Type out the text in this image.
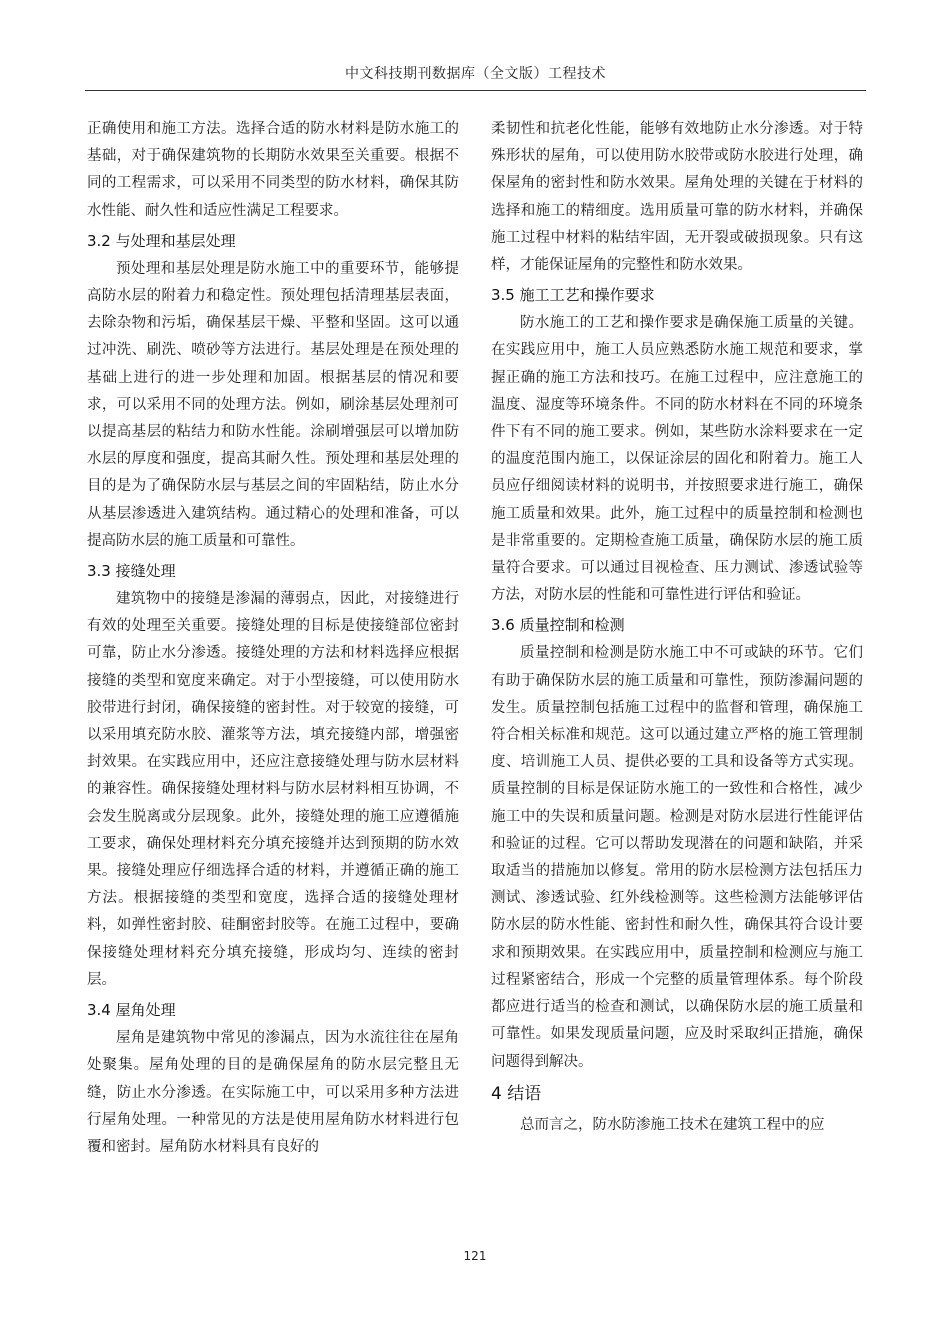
中文科技期刊数据库（全文版）工程技术

正确使用和施工方法。选择合适的防水材料是防水施工的基础，对于确保建筑物的长期防水效果至关重要。根据不同的工程需求，可以采用不同类型的防水材料，确保其防水性能、耐久性和适应性满足工程要求。

3.2 与处理和基层处理

预处理和基层处理是防水施工中的重要环节，能够提高防水层的附着力和稳定性。预处理包括清理基层表面，去除杂物和污垢，确保基层干燥、平整和坚固。这可以通过冲洗、刷洗、喷砂等方法进行。基层处理是在预处理的基础上进行的进一步处理和加固。根据基层的情况和要求，可以采用不同的处理方法。例如，刷涂基层处理剂可以提高基层的粘结力和防水性能。涂刷增强层可以增加防水层的厚度和强度，提高其耐久性。预处理和基层处理的目的是为了确保防水层与基层之间的牢固粘结，防止水分从基层渗透进入建筑结构。通过精心的处理和准备，可以提高防水层的施工质量和可靠性。

3.3 接缝处理

建筑物中的接缝是渗漏的薄弱点，因此，对接缝进行有效的处理至关重要。接缝处理的目标是使接缝部位密封可靠，防止水分渗透。接缝处理的方法和材料选择应根据接缝的类型和宽度来确定。对于小型接缝，可以使用防水胶带进行封闭，确保接缝的密封性。对于较宽的接缝，可以采用填充防水胶、灌浆等方法，填充接缝内部，增强密封效果。在实践应用中，还应注意接缝处理与防水层材料的兼容性。确保接缝处理材料与防水层材料相互协调，不会发生脱离或分层现象。此外，接缝处理的施工应遵循施工要求，确保处理材料充分填充接缝并达到预期的防水效果。接缝处理应仔细选择合适的材料，并遵循正确的施工方法。根据接缝的类型和宽度，选择合适的接缝处理材料，如弹性密封胶、硅酮密封胶等。在施工过程中，要确保接缝处理材料充分填充接缝，形成均匀、连续的密封层。

3.4 屋角处理

屋角是建筑物中常见的渗漏点，因为水流往往在屋角处聚集。屋角处理的目的是确保屋角的防水层完整且无缝，防止水分渗透。在实际施工中，可以采用多种方法进行屋角处理。一种常见的方法是使用屋角防水材料进行包覆和密封。屋角防水材料具有良好的

柔韧性和抗老化性能，能够有效地防止水分渗透。对于特殊形状的屋角，可以使用防水胶带或防水胶进行处理，确保屋角的密封性和防水效果。屋角处理的关键在于材料的选择和施工的精细度。选用质量可靠的防水材料，并确保施工过程中材料的粘结牢固，无开裂或破损现象。只有这样，才能保证屋角的完整性和防水效果。

3.5 施工工艺和操作要求

防水施工的工艺和操作要求是确保施工质量的关键。在实践应用中，施工人员应熟悉防水施工规范和要求，掌握正确的施工方法和技巧。在施工过程中，应注意施工的温度、湿度等环境条件。不同的防水材料在不同的环境条件下有不同的施工要求。例如，某些防水涂料要求在一定的温度范围内施工，以保证涂层的固化和附着力。施工人员应仔细阅读材料的说明书，并按照要求进行施工，确保施工质量和效果。此外，施工过程中的质量控制和检测也是非常重要的。定期检查施工质量，确保防水层的施工质量符合要求。可以通过目视检查、压力测试、渗透试验等方法，对防水层的性能和可靠性进行评估和验证。

3.6 质量控制和检测

质量控制和检测是防水施工中不可或缺的环节。它们有助于确保防水层的施工质量和可靠性，预防渗漏问题的发生。质量控制包括施工过程中的监督和管理，确保施工符合相关标准和规范。这可以通过建立严格的施工管理制度、培训施工人员、提供必要的工具和设备等方式实现。质量控制的目标是保证防水施工的一致性和合格性，减少施工中的失误和质量问题。检测是对防水层进行性能评估和验证的过程。它可以帮助发现潜在的问题和缺陷，并采取适当的措施加以修复。常用的防水层检测方法包括压力测试、渗透试验、红外线检测等。这些检测方法能够评估防水层的防水性能、密封性和耐久性，确保其符合设计要求和预期效果。在实践应用中，质量控制和检测应与施工过程紧密结合，形成一个完整的质量管理体系。每个阶段都应进行适当的检查和测试，以确保防水层的施工质量和可靠性。如果发现质量问题，应及时采取纠正措施，确保问题得到解决。

4 结语

总而言之，防水防渗施工技术在建筑工程中的应

121
